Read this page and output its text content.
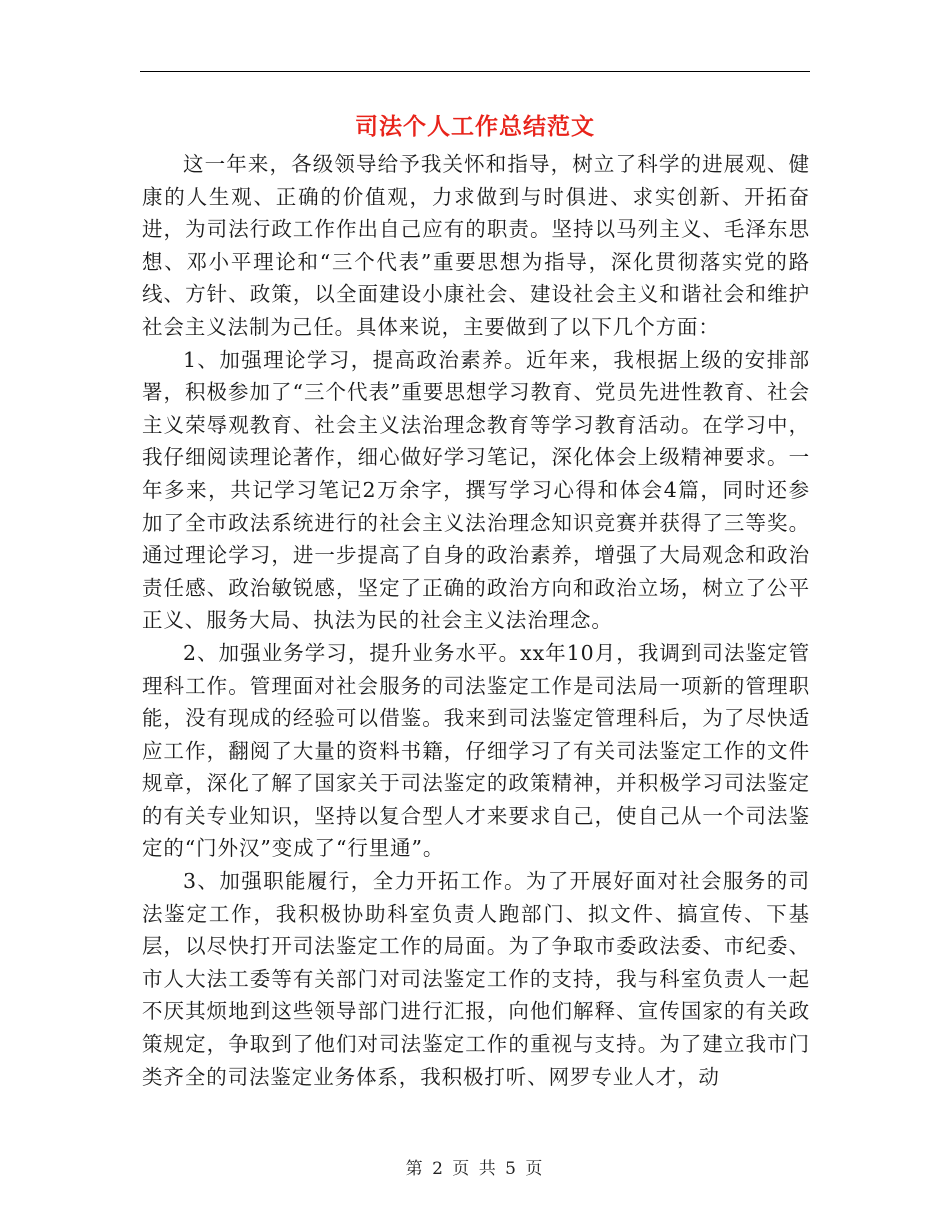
司法个人工作总结范文

这一年来，各级领导给予我关怀和指导，树立了科学的进展观、健康的人生观、正确的价值观，力求做到与时俱进、求实创新、开拓奋进，为司法行政工作作出自己应有的职责。坚持以马列主义、毛泽东思想、邓小平理论和“三个代表”重要思想为指导，深化贯彻落实党的路线、方针、政策，以全面建设小康社会、建设社会主义和谐社会和维护社会主义法制为己任。具体来说，主要做到了以下几个方面：

1、加强理论学习，提高政治素养。近年来，我根据上级的安排部署，积极参加了“三个代表”重要思想学习教育、党员先进性教育、社会主义荣辱观教育、社会主义法治理念教育等学习教育活动。在学习中，我仔细阅读理论著作，细心做好学习笔记，深化体会上级精神要求。一年多来，共记学习笔记2万余字，撰写学习心得和体会4篇，同时还参加了全市政法系统进行的社会主义法治理念知识竞赛并获得了三等奖。通过理论学习，进一步提高了自身的政治素养，增强了大局观念和政治责任感、政治敏锐感，坚定了正确的政治方向和政治立场，树立了公平正义、服务大局、执法为民的社会主义法治理念。

2、加强业务学习，提升业务水平。xx年10月，我调到司法鉴定管理科工作。管理面对社会服务的司法鉴定工作是司法局一项新的管理职能，没有现成的经验可以借鉴。我来到司法鉴定管理科后，为了尽快适应工作，翻阅了大量的资料书籍，仔细学习了有关司法鉴定工作的文件规章，深化了解了国家关于司法鉴定的政策精神，并积极学习司法鉴定的有关专业知识，坚持以复合型人才来要求自己，使自己从一个司法鉴定的“门外汉”变成了“行里通”。

3、加强职能履行，全力开拓工作。为了开展好面对社会服务的司法鉴定工作，我积极协助科室负责人跑部门、拟文件、搞宣传、下基层，以尽快打开司法鉴定工作的局面。为了争取市委政法委、市纪委、市人大法工委等有关部门对司法鉴定工作的支持，我与科室负责人一起不厌其烦地到这些领导部门进行汇报，向他们解释、宣传国家的有关政策规定，争取到了他们对司法鉴定工作的重视与支持。为了建立我市门类齐全的司法鉴定业务体系，我积极打听、网罗专业人才，动

第 2 页 共 5 页
